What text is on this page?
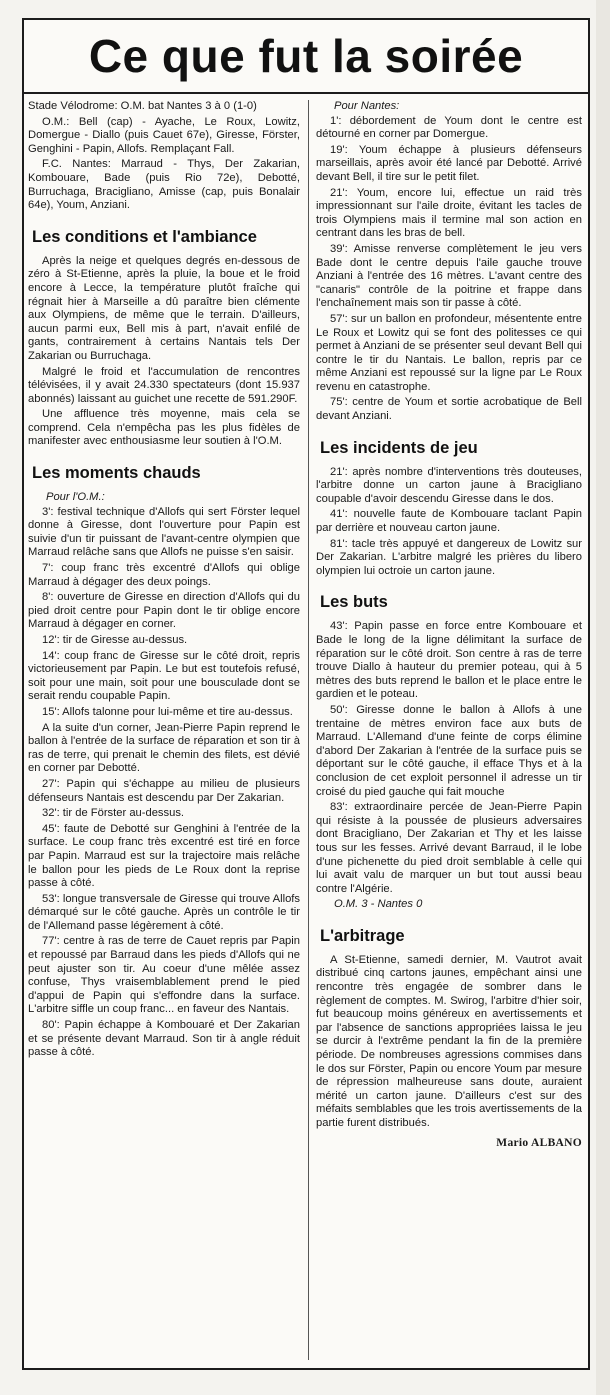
Ce que fut la soirée

Stade Vélodrome: O.M. bat Nantes 3 à 0 (1-0)

O.M.: Bell (cap) - Ayache, Le Roux, Lowitz, Domergue - Diallo (puis Cauet 67e), Giresse, Förster, Genghini - Papin, Allofs. Remplaçant Fall.

F.C. Nantes: Marraud - Thys, Der Zakarian, Kombouare, Bade (puis Rio 72e), Debotté, Burruchaga, Bracigliano, Amisse (cap, puis Bonalair 64e), Youm, Anziani.

Les conditions et l'ambiance

Après la neige et quelques degrés en-dessous de zéro à St-Etienne, après la pluie, la boue et le froid encore à Lecce, la température plutôt fraîche qui régnait hier à Marseille a dû paraître bien clémente aux Olympiens, de même que le terrain. D'ailleurs, aucun parmi eux, Bell mis à part, n'avait enfilé de gants, contrairement à certains Nantais tels Der Zakarian ou Burruchaga.

Malgré le froid et l'accumulation de rencontres télévisées, il y avait 24.330 spectateurs (dont 15.937 abonnés) laissant au guichet une recette de 591.290F.

Une affluence très moyenne, mais cela se comprend. Cela n'empêcha pas les plus fidèles de manifester avec enthousiasme leur soutien à l'O.M.

Les moments chauds

Pour l'O.M.:

3': festival technique d'Allofs qui sert Förster lequel donne à Giresse, dont l'ouverture pour Papin est suivie d'un tir puissant de l'avant-centre olympien que Marraud relâche sans que Allofs ne puisse s'en saisir.

7': coup franc très excentré d'Allofs qui oblige Marraud à dégager des deux poings.

8': ouverture de Giresse en direction d'Allofs qui du pied droit centre pour Papin dont le tir oblige encore Marraud à dégager en corner.

12': tir de Giresse au-dessus.

14': coup franc de Giresse sur le côté droit, repris victorieusement par Papin. Le but est toutefois refusé, soit pour une main, soit pour une bousculade dont se serait rendu coupable Papin.

15': Allofs talonne pour lui-même et tire au-dessus.

A la suite d'un corner, Jean-Pierre Papin reprend le ballon à l'entrée de la surface de réparation et son tir à ras de terre, qui prenait le chemin des filets, est dévié en corner par Debotté.

27': Papin qui s'échappe au milieu de plusieurs défenseurs Nantais est descendu par Der Zakarian.

32': tir de Förster au-dessus.

45': faute de Debotté sur Genghini à l'entrée de la surface. Le coup franc très excentré est tiré en force par Papin. Marraud est sur la trajectoire mais relâche le ballon pour les pieds de Le Roux dont la reprise passe à côté.

53': longue transversale de Giresse qui trouve Allofs démarqué sur le côté gauche. Après un contrôle le tir de l'Allemand passe légèrement à côté.

77': centre à ras de terre de Cauet repris par Papin et repoussé par Barraud dans les pieds d'Allofs qui ne peut ajuster son tir. Au coeur d'une mêlée assez confuse, Thys vraisemblablement prend le pied d'appui de Papin qui s'effondre dans la surface. L'arbitre siffle un coup franc... en faveur des Nantais.

80': Papin échappe à Kombouaré et Der Zakarian et se présente devant Marraud. Son tir à angle réduit passe à côté.

Pour Nantes:

1': débordement de Youm dont le centre est détourné en corner par Domergue.

19': Youm échappe à plusieurs défenseurs marseillais, après avoir été lancé par Debotté. Arrivé devant Bell, il tire sur le petit filet.

21': Youm, encore lui, effectue un raid très impressionnant sur l'aile droite, évitant les tacles de trois Olympiens mais il termine mal son action en centrant dans les bras de bell.

39': Amisse renverse complètement le jeu vers Bade dont le centre depuis l'aile gauche trouve Anziani à l'entrée des 16 mètres. L'avant centre des "canaris" contrôle de la poitrine et frappe dans l'enchaînement mais son tir passe à côté.

57': sur un ballon en profondeur, mésentente entre Le Roux et Lowitz qui se font des politesses ce qui permet à Anziani de se présenter seul devant Bell qui contre le tir du Nantais. Le ballon, repris par ce même Anziani est repoussé sur la ligne par Le Roux revenu en catastrophe.

75': centre de Youm et sortie acrobatique de Bell devant Anziani.

Les incidents de jeu

21': après nombre d'interventions très douteuses, l'arbitre donne un carton jaune à Bracigliano coupable d'avoir descendu Giresse dans le dos.

41': nouvelle faute de Kombouare taclant Papin par derrière et nouveau carton jaune.

81': tacle très appuyé et dangereux de Lowitz sur Der Zakarian. L'arbitre malgré les prières du libero olympien lui octroie un carton jaune.

Les buts

43': Papin passe en force entre Kombouare et Bade le long de la ligne délimitant la surface de réparation sur le côté droit. Son centre à ras de terre trouve Diallo à hauteur du premier poteau, qui à 5 mètres des buts reprend le ballon et le place entre le gardien et le poteau.

50': Giresse donne le ballon à Allofs à une trentaine de mètres environ face aux buts de Marraud. L'Allemand d'une feinte de corps élimine d'abord Der Zakarian à l'entrée de la surface puis se déportant sur le côté gauche, il efface Thys et à la conclusion de cet exploit personnel il adresse un tir croisé du pied gauche qui fait mouche

83': extraordinaire percée de Jean-Pierre Papin qui résiste à la poussée de plusieurs adversaires dont Bracigliano, Der Zakarian et Thy et les laisse tous sur les fesses. Arrivé devant Barraud, il le lobe d'une pichenette du pied droit semblable à celle qui lui avait valu de marquer un but tout aussi beau contre l'Algérie.

O.M. 3 - Nantes 0

L'arbitrage

A St-Etienne, samedi dernier, M. Vautrot avait distribué cinq cartons jaunes, empêchant ainsi une rencontre très engagée de sombrer dans le règlement de comptes. M. Swirog, l'arbitre d'hier soir, fut beaucoup moins généreux en avertissements et par l'absence de sanctions appropriées laissa le jeu se durcir à l'extrême pendant la fin de la première période. De nombreuses agressions commises dans le dos sur Förster, Papin ou encore Youm par mesure de répression malheureuse sans doute, auraient mérité un carton jaune. D'ailleurs c'est sur des méfaits semblables que les trois avertissements de la partie furent distribués.

Mario ALBANO
